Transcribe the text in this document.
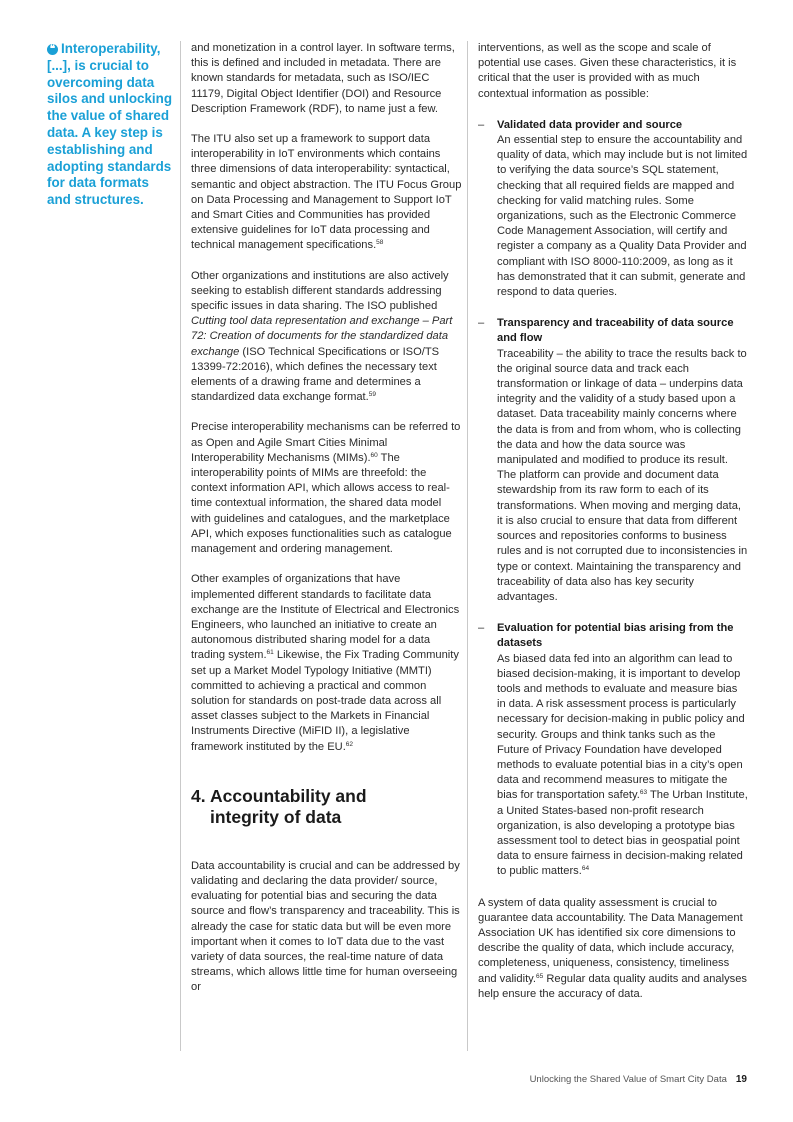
❝ Interoperability, [...], is crucial to overcoming data silos and unlocking the value of shared data. A key step is establishing and adopting standards for data formats and structures.

and monetization in a control layer. In software terms, this is defined and included in metadata. There are known standards for metadata, such as ISO/IEC 11179, Digital Object Identifier (DOI) and Resource Description Framework (RDF), to name just a few.

The ITU also set up a framework to support data interoperability in IoT environments which contains three dimensions of data interoperability: syntactical, semantic and object abstraction. The ITU Focus Group on Data Processing and Management to Support IoT and Smart Cities and Communities has provided extensive guidelines for IoT data processing and technical management specifications.$^{58}$

Other organizations and institutions are also actively seeking to establish different standards addressing specific issues in data sharing. The ISO published Cutting tool data representation and exchange – Part 72: Creation of documents for the standardized data exchange (ISO Technical Specifications or ISO/TS 13399-72:2016), which defines the necessary text elements of a drawing frame and determines a standardized data exchange format.$^{59}$

Precise interoperability mechanisms can be referred to as Open and Agile Smart Cities Minimal Interoperability Mechanisms (MIMs).$^{60}$ The interoperability points of MIMs are threefold: the context information API, which allows access to real-time contextual information, the shared data model with guidelines and catalogues, and the marketplace API, which exposes functionalities such as catalogue management and ordering management.

Other examples of organizations that have implemented different standards to facilitate data exchange are the Institute of Electrical and Electronics Engineers, who launched an initiative to create an autonomous distributed sharing model for a data trading system.$^{61}$ Likewise, the Fix Trading Community set up a Market Model Typology Initiative (MMTI) committed to achieving a practical and common solution for standards on post-trade data across all asset classes subject to the Markets in Financial Instruments Directive (MiFID II), a legislative framework instituted by the EU.$^{62}$

4. Accountability and
integrity of data

Data accountability is crucial and can be addressed by validating and declaring the data provider/ source, evaluating for potential bias and securing the data source and flow’s transparency and traceability. This is already the case for static data but will be even more important when it comes to IoT data due to the vast variety of data sources, the real-time nature of data streams, which allows little time for human overseeing or

interventions, as well as the scope and scale of potential use cases. Given these characteristics, it is critical that the user is provided with as much contextual information as possible:

– Validated data provider and source
An essential step to ensure the accountability and quality of data, which may include but is not limited to verifying the data source’s SQL statement, checking that all required fields are mapped and checking for valid matching rules. Some organizations, such as the Electronic Commerce Code Management Association, will certify and register a company as a Quality Data Provider and compliant with ISO 8000-110:2009, as long as it has demonstrated that it can submit, generate and respond to data queries.
– Transparency and traceability of data source and flow
Traceability – the ability to trace the results back to the original source data and track each transformation or linkage of data – underpins data integrity and the validity of a study based upon a dataset. Data traceability mainly concerns where the data is from and from whom, who is collecting the data and how the data source was manipulated and modified to produce its result. The platform can provide and document data stewardship from its raw form to each of its transformations. When moving and merging data, it is also crucial to ensure that data from different sources and repositories conforms to business rules and is not corrupted due to inconsistencies in type or context. Maintaining the transparency and traceability of data also has key security advantages.
– Evaluation for potential bias arising from the datasets
As biased data fed into an algorithm can lead to biased decision-making, it is important to develop tools and methods to evaluate and measure bias in data. A risk assessment process is particularly necessary for decision-making in public policy and security. Groups and think tanks such as the Future of Privacy Foundation have developed methods to evaluate potential bias in a city’s open data and recommend measures to mitigate the bias for transportation safety.$^{63}$ The Urban Institute, a United States-based non-profit research organization, is also developing a prototype bias assessment tool to detect bias in geospatial point data to ensure fairness in decision-making related to public matters.$^{64}$

A system of data quality assessment is crucial to guarantee data accountability. The Data Management Association UK has identified six core dimensions to describe the quality of data, which include accuracy, completeness, uniqueness, consistency, timeliness and validity.$^{65}$ Regular data quality audits and analyses help ensure the accuracy of data.

Unlocking the Shared Value of Smart City Data 19
